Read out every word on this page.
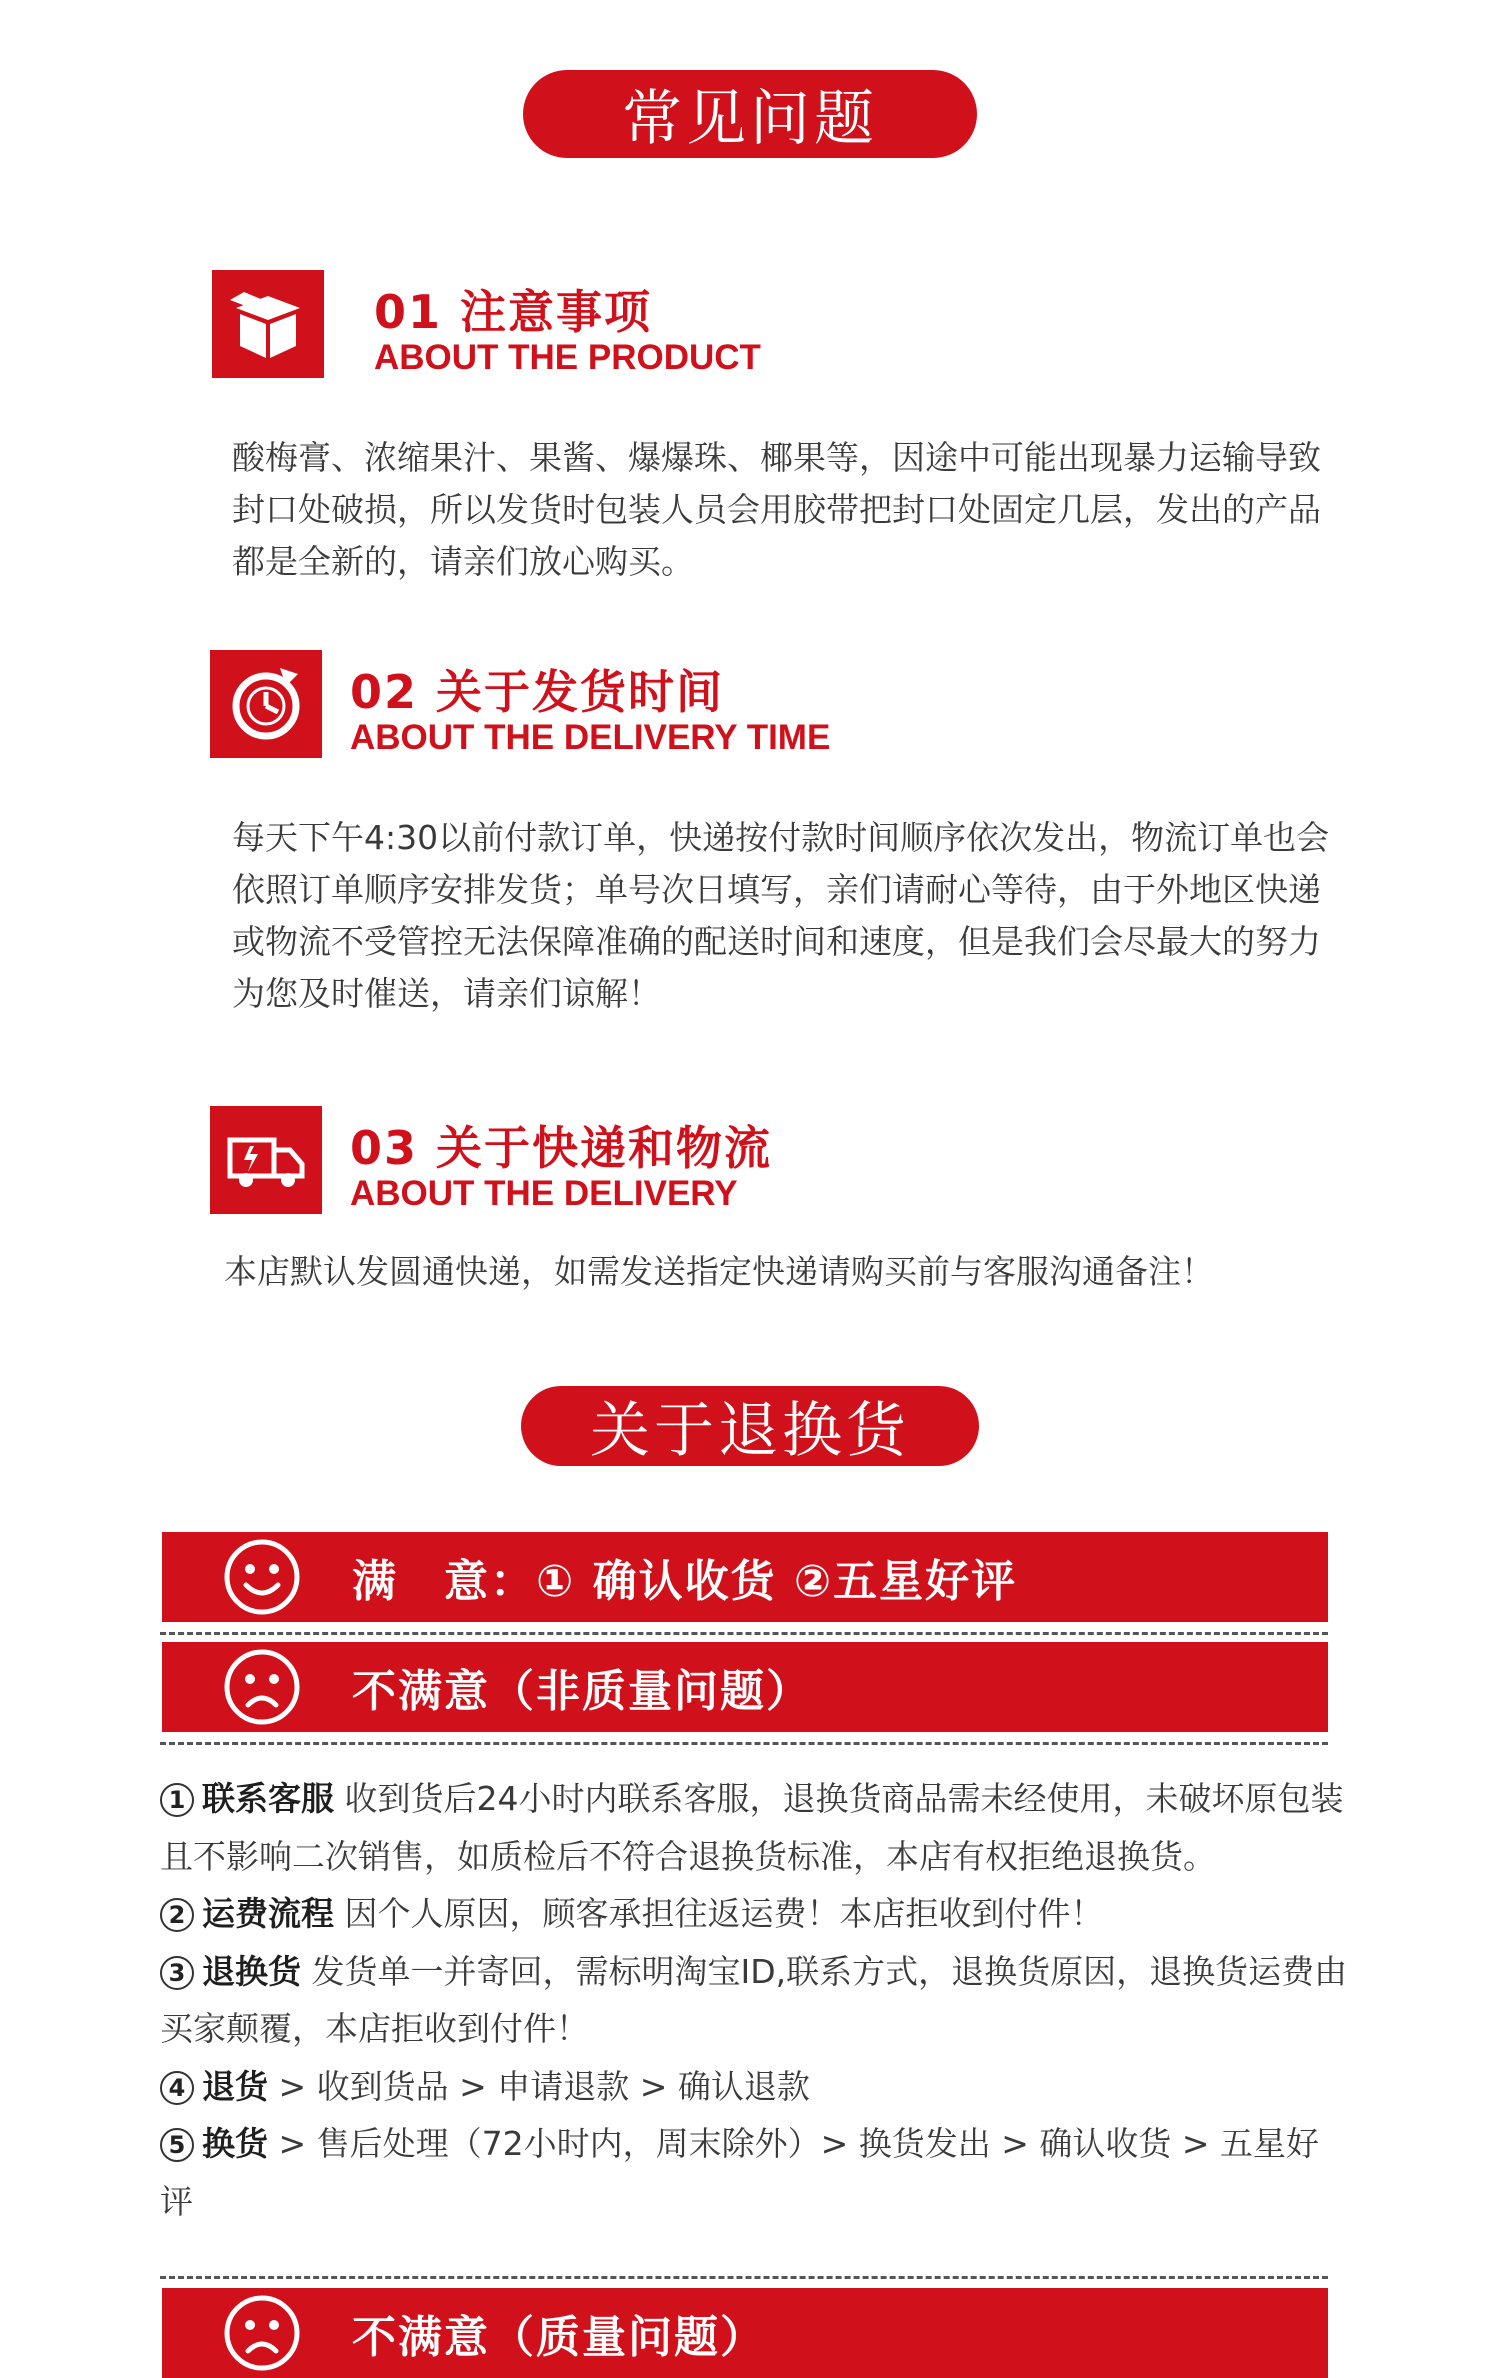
常见问题
01 注意事项
ABOUT THE PRODUCT
酸梅膏、浓缩果汁、果酱、爆爆珠、椰果等，因途中可能出现暴力运输导致封口处破损，所以发货时包装人员会用胶带把封口处固定几层，发出的产品都是全新的，请亲们放心购买。
02 关于发货时间
ABOUT THE DELIVERY TIME
每天下午4:30以前付款订单，快递按付款时间顺序依次发出，物流订单也会依照订单顺序安排发货；单号次日填写，亲们请耐心等待，由于外地区快递或物流不受管控无法保障准确的配送时间和速度，但是我们会尽最大的努力为您及时催送，请亲们谅解！
03 关于快递和物流
ABOUT THE DELIVERY
本店默认发圆通快递，如需发送指定快递请购买前与客服沟通备注！
关于退换货
满　意：① 确认收货 ②五星好评
不满意（非质量问题）
1 联系客服 收到货后24小时内联系客服，退换货商品需未经使用，未破坏原包装且不影响二次销售，如质检后不符合退换货标准，本店有权拒绝退换货。
2 运费流程 因个人原因，顾客承担往返运费！本店拒收到付件！
3 退换货 发货单一并寄回，需标明淘宝ID,联系方式，退换货原因，退换货运费由买家颠覆，本店拒收到付件！
4 退货 > 收到货品 > 申请退款 > 确认退款
5 换货 > 售后处理（72小时内，周末除外）> 换货发出 > 确认收货 > 五星好评
不满意（质量问题）
